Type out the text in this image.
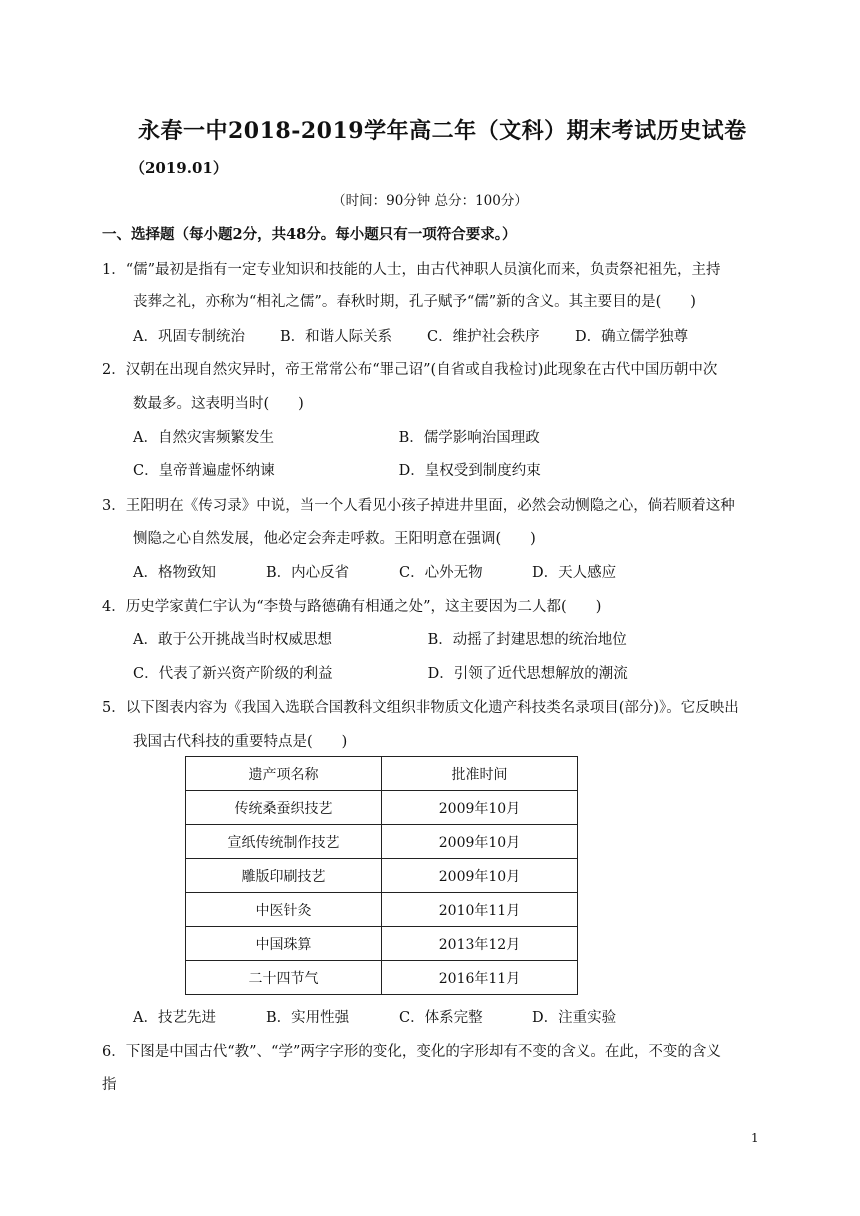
永春一中2018-2019学年高二年（文科）期末考试历史试卷
（2019.01）
（时间：90分钟 总分：100分）
一、选择题（每小题2分，共48分。每小题只有一项符合要求。）
1．“儒”最初是指有一定专业知识和技能的人士，由古代神职人员演化而来，负责祭祀祖先，主持
丧葬之礼，亦称为“相礼之儒”。春秋时期，孔子赋予“儒”新的含义。其主要目的是(　　)
A．巩固专制统治	B．和谐人际关系	C．维护社会秩序	D．确立儒学独尊
2．汉朝在出现自然灾异时，帝王常常公布“罪己诏”(自省或自我检讨)此现象在古代中国历朝中次
数最多。这表明当时(　　)
A．自然灾害频繁发生	B．儒学影响治国理政
C．皇帝普遍虚怀纳谏	D．皇权受到制度约束
3．王阳明在《传习录》中说，当一个人看见小孩子掉进井里面，必然会动恻隐之心，倘若顺着这种
恻隐之心自然发展，他必定会奔走呼救。王阳明意在强调(　　)
A．格物致知	B．内心反省	C．心外无物	D．天人感应
4．历史学家黄仁宇认为“李贽与路德确有相通之处”，这主要因为二人都(　　)
A．敢于公开挑战当时权威思想	B．动摇了封建思想的统治地位
C．代表了新兴资产阶级的利益	D．引领了近代思想解放的潮流
5．以下图表内容为《我国入选联合国教科文组织非物质文化遗产科技类名录项目(部分)》。它反映出
我国古代科技的重要特点是(　　)
遗产项名称	批准时间
传统桑蚕织技艺	2009年10月
宣纸传统制作技艺	2009年10月
雕版印刷技艺	2009年10月
中医针灸	2010年11月
中国珠算	2013年12月
二十四节气	2016年11月
A．技艺先进	B．实用性强	C．体系完整	D．注重实验
6．下图是中国古代“教”、“学”两字字形的变化，变化的字形却有不变的含义。在此，不变的含义
指
1
